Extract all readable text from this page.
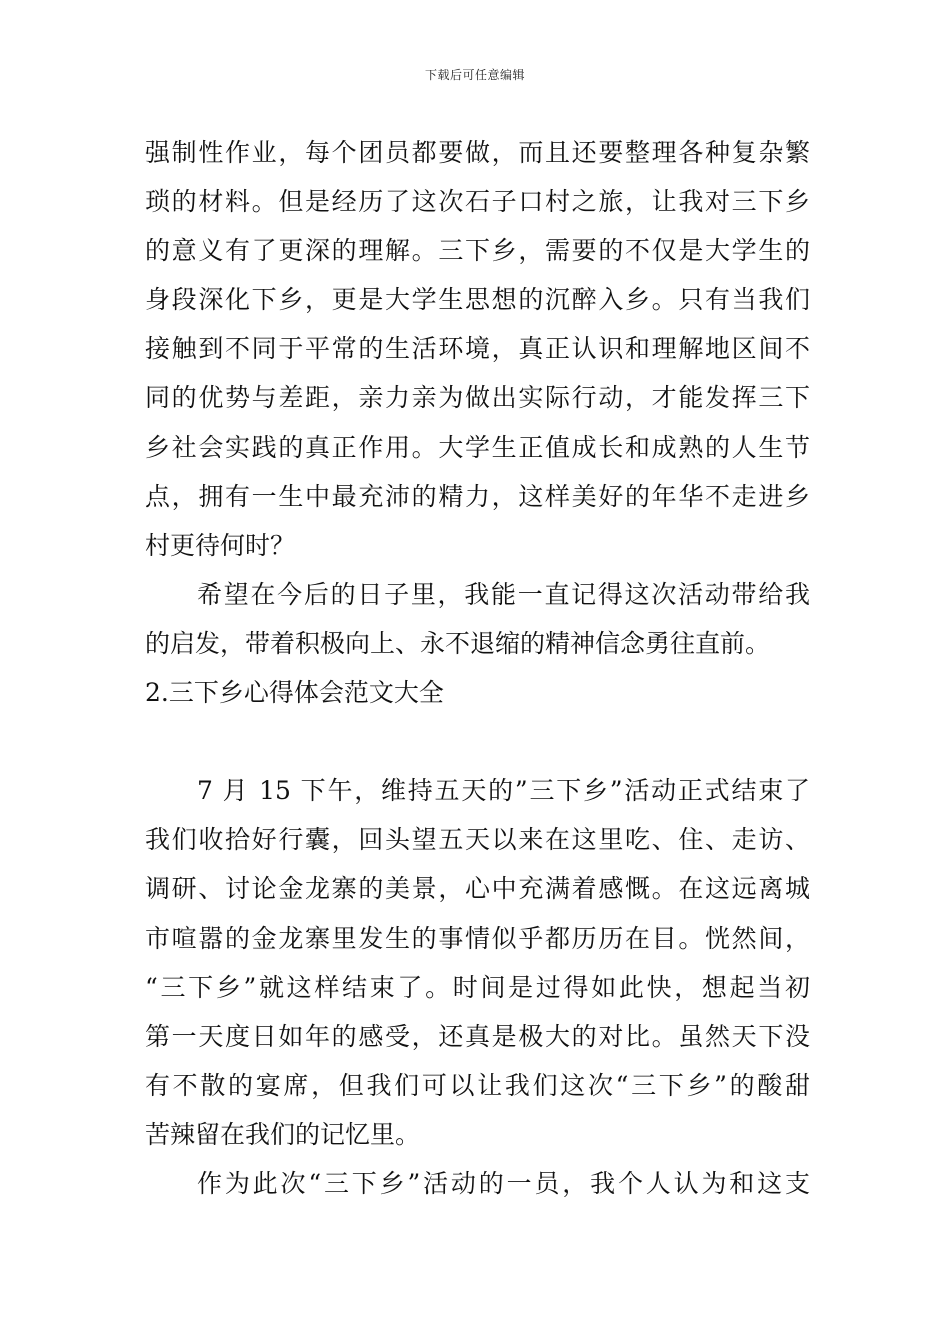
下载后可任意编辑
强制性作业，每个团员都要做，而且还要整理各种复杂繁
琐的材料。但是经历了这次石子口村之旅，让我对三下乡
的意义有了更深的理解。三下乡，需要的不仅是大学生的
身段深化下乡，更是大学生思想的沉醉入乡。只有当我们
接触到不同于平常的生活环境，真正认识和理解地区间不
同的优势与差距，亲力亲为做出实际行动，才能发挥三下
乡社会实践的真正作用。大学生正值成长和成熟的人生节
点，拥有一生中最充沛的精力，这样美好的年华不走进乡
村更待何时？
希望在今后的日子里，我能一直记得这次活动带给我
的启发，带着积极向上、永不退缩的精神信念勇往直前。
2.三下乡心得体会范文大全
7 月 15 下午，维持五天的”三下乡”活动正式结束了
我们收拾好行囊，回头望五天以来在这里吃、住、走访、
调研、讨论金龙寨的美景，心中充满着感慨。在这远离城
市喧嚣的金龙寨里发生的事情似乎都历历在目。恍然间，
“三下乡”就这样结束了。时间是过得如此快，想起当初
第一天度日如年的感受，还真是极大的对比。虽然天下没
有不散的宴席，但我们可以让我们这次“三下乡”的酸甜
苦辣留在我们的记忆里。
作为此次“三下乡”活动的一员，我个人认为和这支
